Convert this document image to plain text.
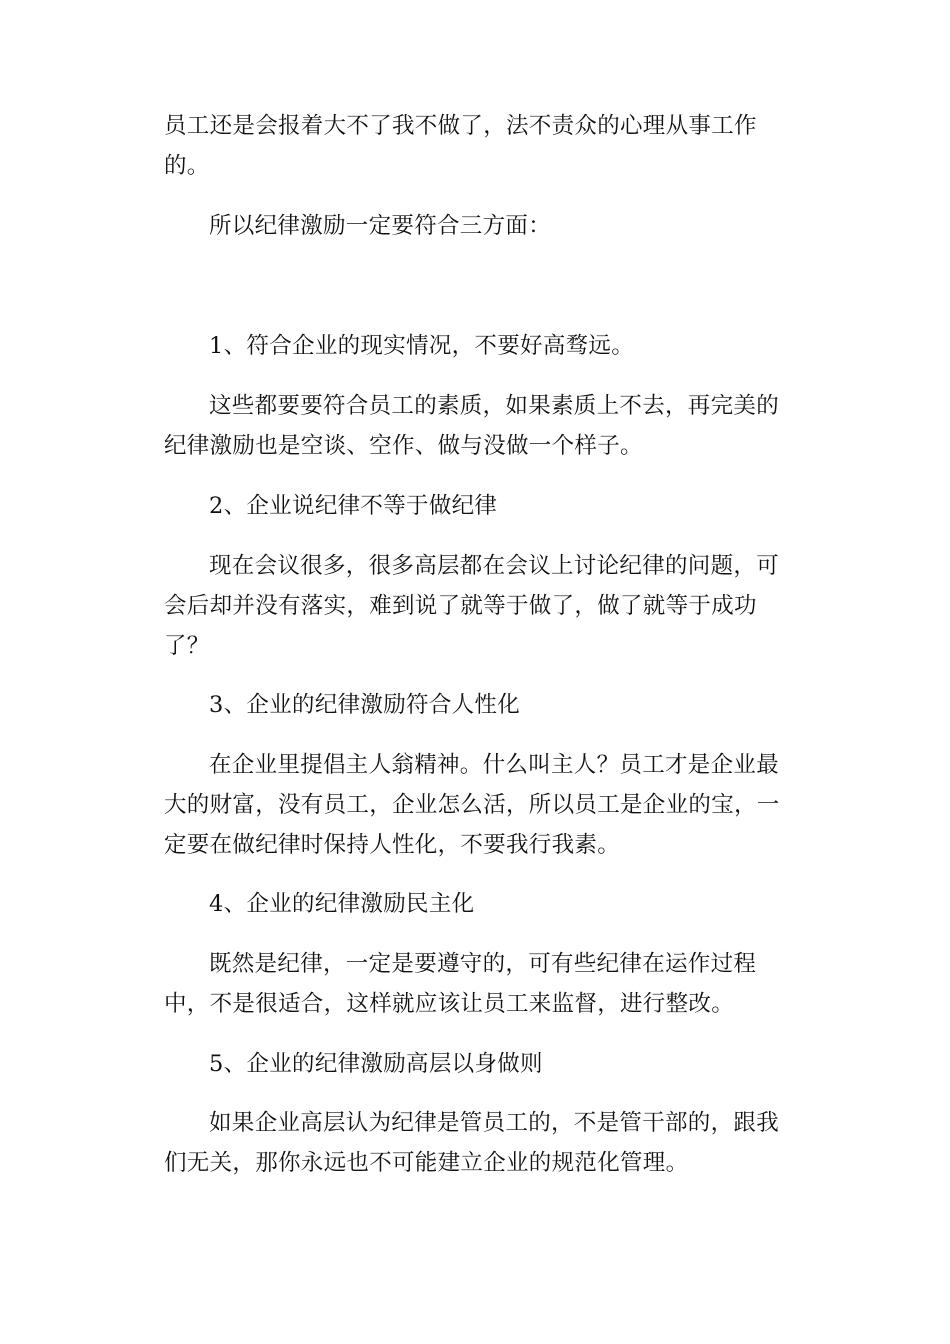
员工还是会报着大不了我不做了，法不责众的心理从事工作的。

所以纪律激励一定要符合三方面：

1、符合企业的现实情况，不要好高骛远。

这些都要要符合员工的素质，如果素质上不去，再完美的纪律激励也是空谈、空作、做与没做一个样子。

2、企业说纪律不等于做纪律

现在会议很多，很多高层都在会议上讨论纪律的问题，可会后却并没有落实，难到说了就等于做了，做了就等于成功了？

3、企业的纪律激励符合人性化

在企业里提倡主人翁精神。什么叫主人？员工才是企业最大的财富，没有员工，企业怎么活，所以员工是企业的宝，一定要在做纪律时保持人性化，不要我行我素。

4、企业的纪律激励民主化

既然是纪律，一定是要遵守的，可有些纪律在运作过程中，不是很适合，这样就应该让员工来监督，进行整改。

5、企业的纪律激励高层以身做则

如果企业高层认为纪律是管员工的，不是管干部的，跟我们无关，那你永远也不可能建立企业的规范化管理。
